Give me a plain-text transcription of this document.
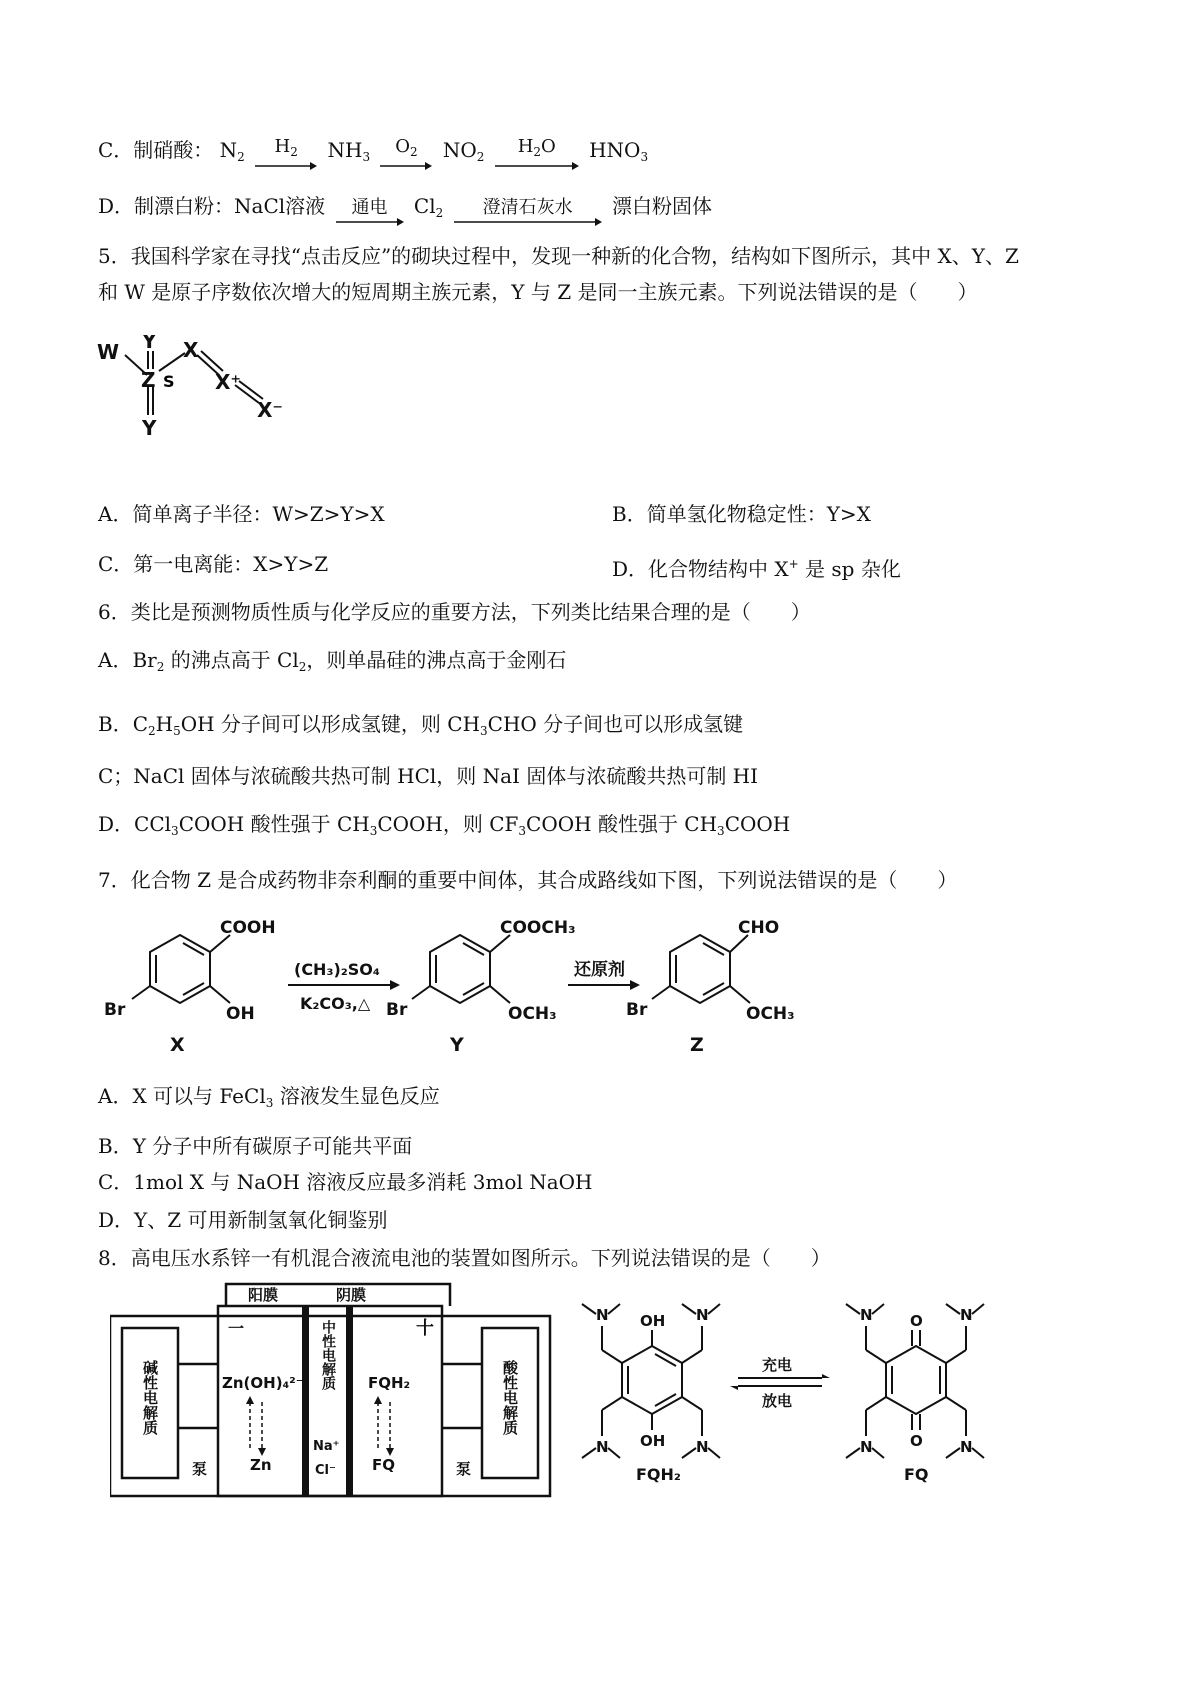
C．制硝酸： $N_2$	$H_2$	$NH_3$	$O_2$	$NO_2$	$H_2O$	$HNO_3$
D．制漂白粉：NaCl溶液	通电	$Cl_2$	澄清石灰水	漂白粉固体
5．我国科学家在寻找“点击反应”的砌块过程中，发现一种新的化合物，结构如下图所示，其中 X、Y、Z
和 W 是原子序数依次增大的短周期主族元素，Y 与 Z 是同一主族元素。下列说法错误的是（　　）
W Y
Z
Y
X
X⁺
X⁻
S
A．简单离子半径：W>Z>Y>X	B．简单氢化物稳定性：Y>X
C．第一电离能：X>Y>Z	D．化合物结构中 X+ 是 sp 杂化
6．类比是预测物质性质与化学反应的重要方法，下列类比结果合理的是（　　）
A．$Br_2$ 的沸点高于 $Cl_2$，则单晶硅的沸点高于金刚石
B．$C_2H_5OH$ 分子间可以形成氢键，则 $CH_3CHO$ 分子间也可以形成氢键
C；NaCl 固体与浓硫酸共热可制 HCl，则 NaI 固体与浓硫酸共热可制 HI
D．CCl$_3$COOH 酸性强于 $CH_3COOH$，则 $CF_3COOH$ 酸性强于 $CH_3COOH$
7．化合物 Z 是合成药物非奈利酮的重要中间体，其合成路线如下图，下列说法错误的是（　　）
COOH
OH
Br
X
(CH₃)₂SO₄
K₂CO₃,△
COOCH₃
OCH₃
Br
Y
还原剂
CHO
OCH₃
Br
Z
A．X 可以与 FeCl$_3$ 溶液发生显色反应
B．Y 分子中所有碳原子可能共平面
C．1mol X 与 NaOH 溶液反应最多消耗 3mol NaOH
D．Y、Z 可用新制氢氧化铜鉴别
8．高电压水系锌一有机混合液流电池的装置如图所示。下列说法错误的是（　　）
阳膜	阴膜
一	十
Zn(OH)₄²⁻
Zn
FQH₂
FQ
Na⁺
Cl⁻
泵	泵
碱性电解质	酸性电解质
中性电解质
N	N
N	N
OH
OH
FQH₂
充电
放电
N	N
N	N
O
O
FQ
